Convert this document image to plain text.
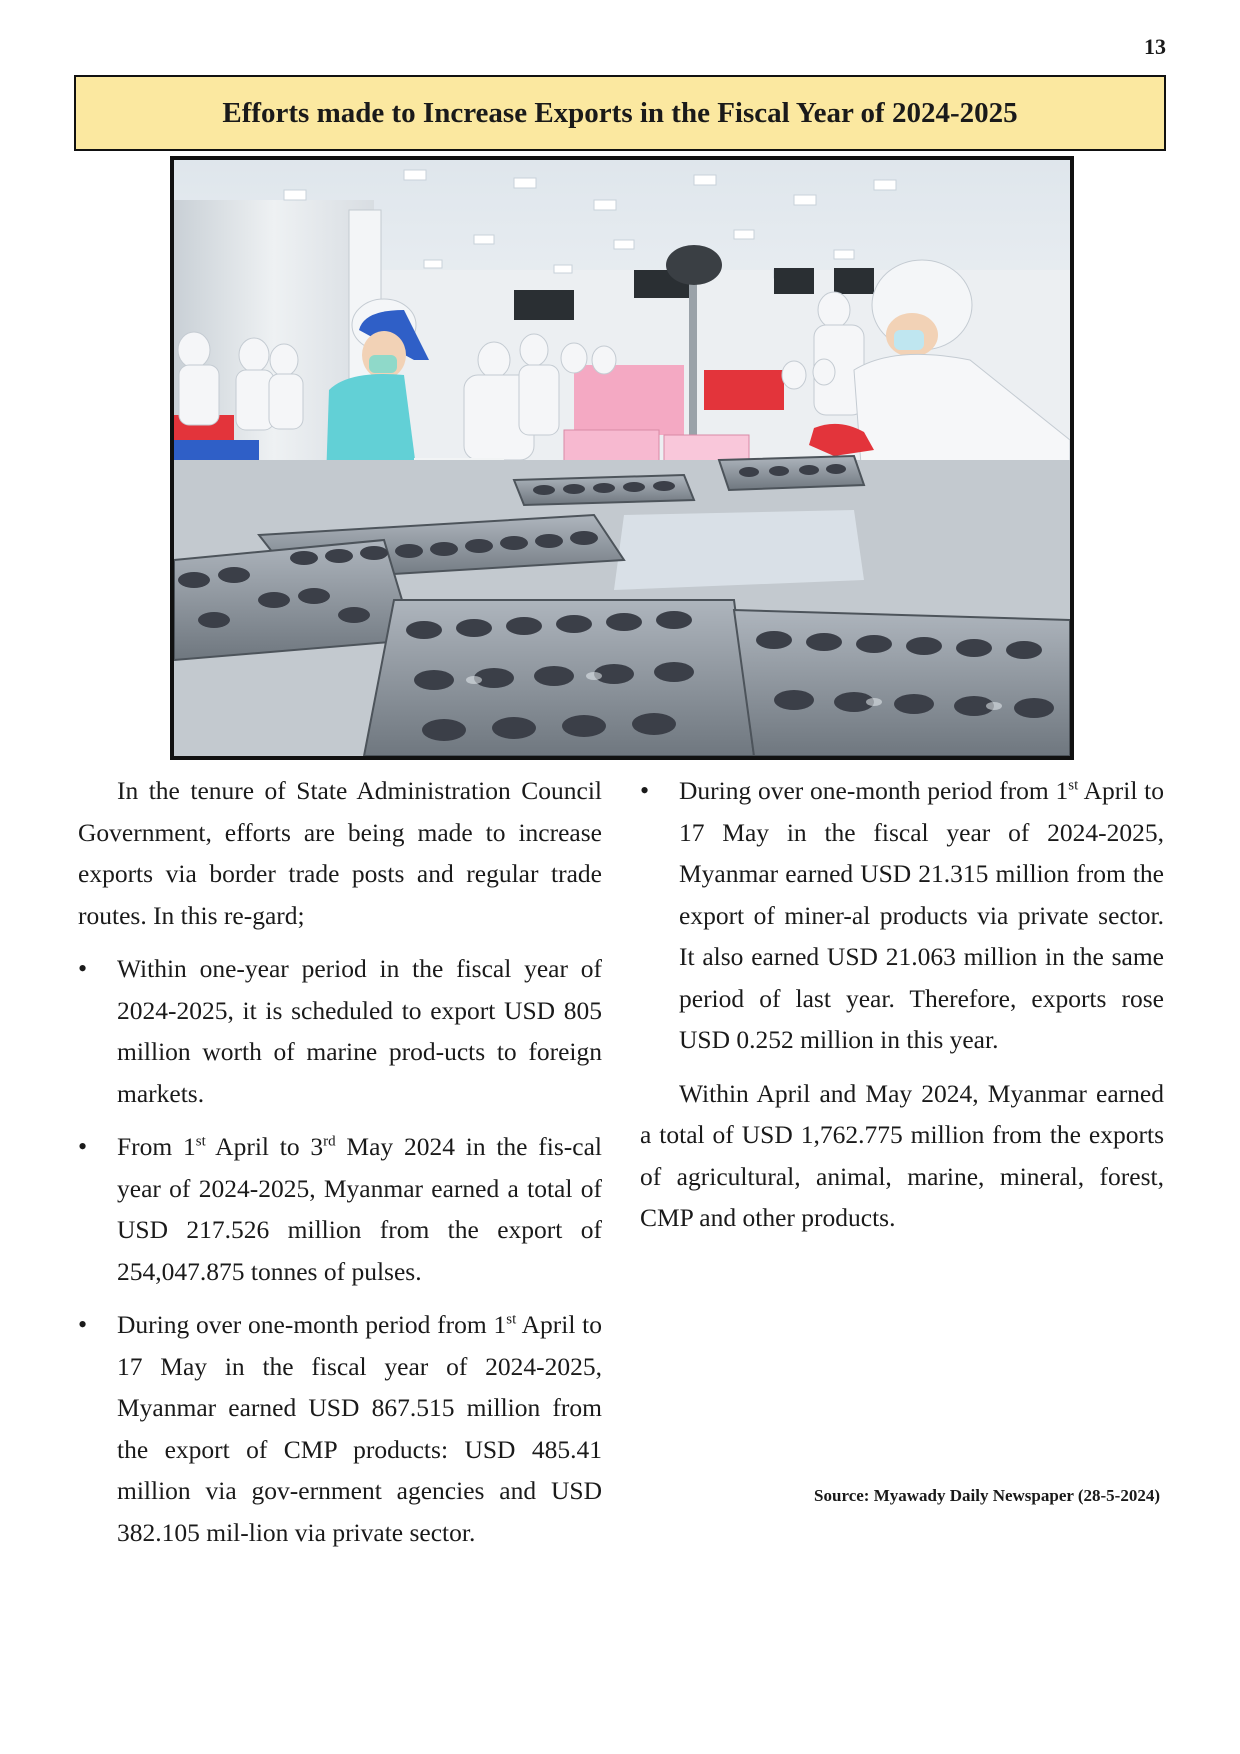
13
Efforts made to Increase Exports in the Fiscal Year of 2024-2025

In the tenure of State Administration Council Government, efforts are being made to increase exports via border trade posts and regular trade routes. In this re-gard;

• Within one-year period in the fiscal year of 2024-2025, it is scheduled to export USD 805 million worth of marine prod-ucts to foreign markets.
• From 1st April to 3rd May 2024 in the fis-cal year of 2024-2025, Myanmar earned a total of USD 217.526 million from the export of 254,047.875 tonnes of pulses.
• During over one-month period from 1st April to 17 May in the fiscal year of 2024-2025, Myanmar earned USD 867.515 million from the export of CMP products: USD 485.41 million via gov-ernment agencies and USD 382.105 mil-lion via private sector.
• During over one-month period from 1st April to 17 May in the fiscal year of 2024-2025, Myanmar earned USD 21.315 million from the export of miner-al products via private sector. It also earned USD 21.063 million in the same period of last year. Therefore, exports rose USD 0.252 million in this year.

Within April and May 2024, Myanmar earned a total of USD 1,762.775 million from the exports of agricultural, animal, marine, mineral, forest, CMP and other products.

Source: Myawady Daily Newspaper (28-5-2024)
